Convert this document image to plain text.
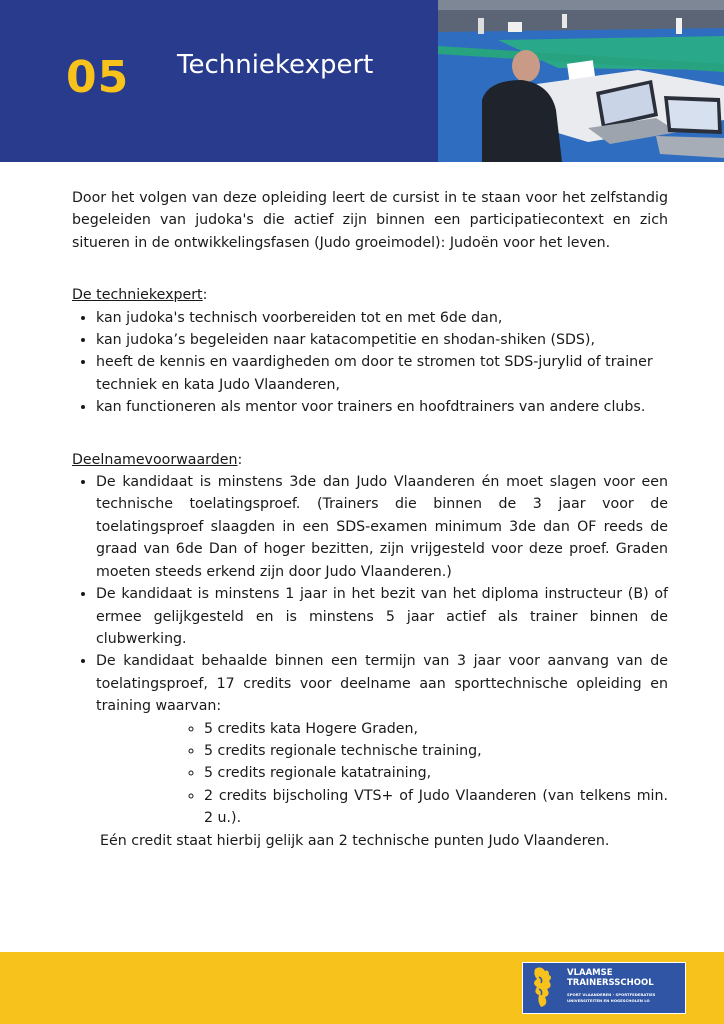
05 Techniekexpert

Door het volgen van deze opleiding leert de cursist in te staan voor het zelfstandig begeleiden van judoka's die actief zijn binnen een participatiecontext en zich situeren in de ontwikkelingsfasen (Judo groeimodel): Judoën voor het leven.

De techniekexpert:

• kan judoka's technisch voorbereiden tot en met 6de dan,
• kan judoka’s begeleiden naar katacompetitie en shodan-shiken (SDS),
• heeft de kennis en vaardigheden om door te stromen tot SDS-jurylid of trainer techniek en kata Judo Vlaanderen,
• kan functioneren als mentor voor trainers en hoofdtrainers van andere clubs.

Deelnamevoorwaarden:

• De kandidaat is minstens 3de dan Judo Vlaanderen én moet slagen voor een technische toelatingsproef. (Trainers die binnen de 3 jaar voor de toelatingsproef slaagden in een SDS-examen minimum 3de dan OF reeds de graad van 6de Dan of hoger bezitten, zijn vrijgesteld voor deze proef. Graden moeten steeds erkend zijn door Judo Vlaanderen.)
• De kandidaat is minstens 1 jaar in het bezit van het diploma instructeur (B) of ermee gelijkgesteld en is minstens 5 jaar actief als trainer binnen de clubwerking.
• De kandidaat behaalde binnen een termijn van 3 jaar voor aanvang van de toelatingsproef, 17 credits voor deelname aan sporttechnische opleiding en training waarvan:
◦ 5 credits kata Hogere Graden,
◦ 5 credits regionale technische training,
◦ 5 credits regionale katatraining,
◦ 2 credits bijscholing VTS+ of Judo Vlaanderen (van telkens min. 2 u.).

Eén credit staat hierbij gelijk aan 2 technische punten Judo Vlaanderen.

VLAAMSE
TRAINERSSCHOOL
SPORT VLAANDEREN - SPORTFEDERATIES
UNIVERSITEITEN EN HOGESCHOLEN LO
